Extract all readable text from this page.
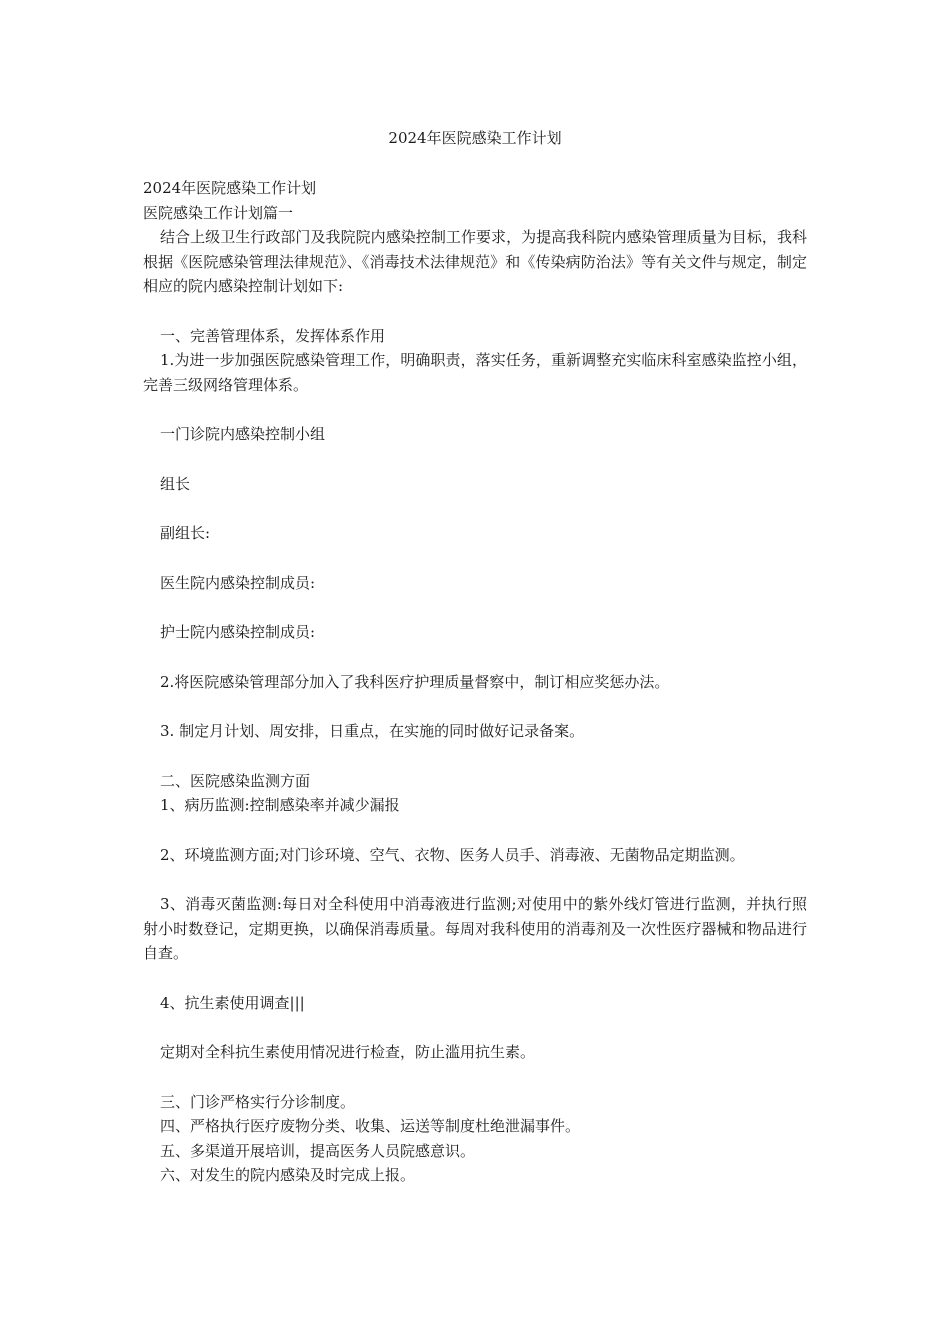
2024年医院感染工作计划

2024年医院感染工作计划

医院感染工作计划篇一

结合上级卫生行政部门及我院院内感染控制工作要求，为提高我科院内感染管理质量为目标，我科根据《医院感染管理法律规范》、《消毒技术法律规范》和《传染病防治法》等有关文件与规定，制定相应的院内感染控制计划如下:

一、完善管理体系，发挥体系作用

1.为进一步加强医院感染管理工作，明确职责，落实任务，重新调整充实临床科室感染监控小组，完善三级网络管理体系。

一门诊院内感染控制小组

组长

副组长:

医生院内感染控制成员:

护士院内感染控制成员:

2.将医院感染管理部分加入了我科医疗护理质量督察中，制订相应奖惩办法。

3. 制定月计划、周安排，日重点，在实施的同时做好记录备案。

二、医院感染监测方面

1、病历监测:控制感染率并减少漏报

2、环境监测方面;对门诊环境、空气、衣物、医务人员手、消毒液、无菌物品定期监测。

3、消毒灭菌监测:每日对全科使用中消毒液进行监测;对使用中的紫外线灯管进行监测，并执行照射小时数登记，定期更换，以确保消毒质量。每周对我科使用的消毒剂及一次性医疗器械和物品进行自查。

4、抗生素使用调查|||

定期对全科抗生素使用情况进行检查，防止滥用抗生素。

三、门诊严格实行分诊制度。

四、严格执行医疗废物分类、收集、运送等制度杜绝泄漏事件。

五、多渠道开展培训，提高医务人员院感意识。

六、对发生的院内感染及时完成上报。
